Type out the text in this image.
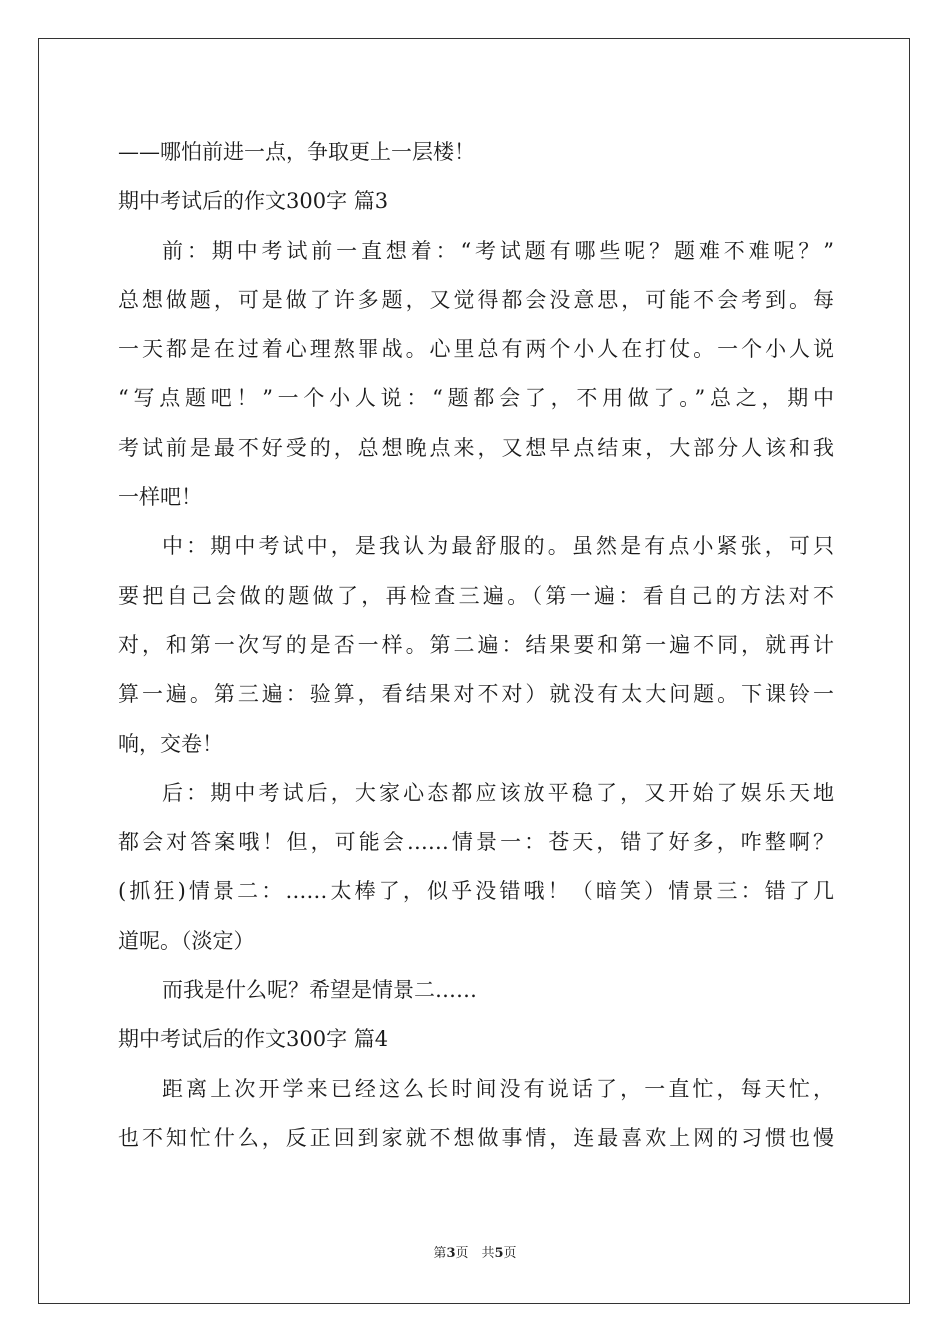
——哪怕前进一点，争取更上一层楼！
期中考试后的作文300字 篇3
前：期中考试前一直想着：“考试题有哪些呢？题难不难呢？”
总想做题，可是做了许多题，又觉得都会没意思，可能不会考到。每
一天都是在过着心理熬罪战。心里总有两个小人在打仗。一个小人说
“写点题吧！”一个小人说：“题都会了，不用做了。”总之，期中
考试前是最不好受的，总想晚点来，又想早点结束，大部分人该和我
一样吧！
中：期中考试中，是我认为最舒服的。虽然是有点小紧张，可只
要把自己会做的题做了，再检查三遍。（第一遍：看自己的方法对不
对，和第一次写的是否一样。第二遍：结果要和第一遍不同，就再计
算一遍。第三遍：验算，看结果对不对）就没有太大问题。下课铃一
响，交卷！
后：期中考试后，大家心态都应该放平稳了，又开始了娱乐天地
都会对答案哦！但，可能会……情景一：苍天，错了好多，咋整啊？
(抓狂)情景二：……太棒了，似乎没错哦！（暗笑）情景三：错了几
道呢。（淡定）
而我是什么呢？希望是情景二……
期中考试后的作文300字 篇4
距离上次开学来已经这么长时间没有说话了，一直忙，每天忙，
也不知忙什么，反正回到家就不想做事情，连最喜欢上网的习惯也慢
第3页　共5页
